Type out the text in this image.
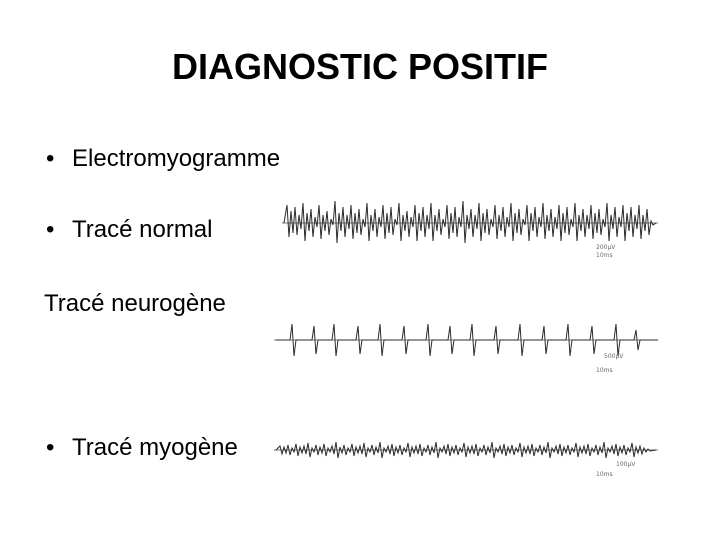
DIAGNOSTIC POSITIF
• Electromyogramme
• Tracé normal
Tracé neurogène
• Tracé myogène
200µV
10ms
500µV
10ms
100µV
10ms
